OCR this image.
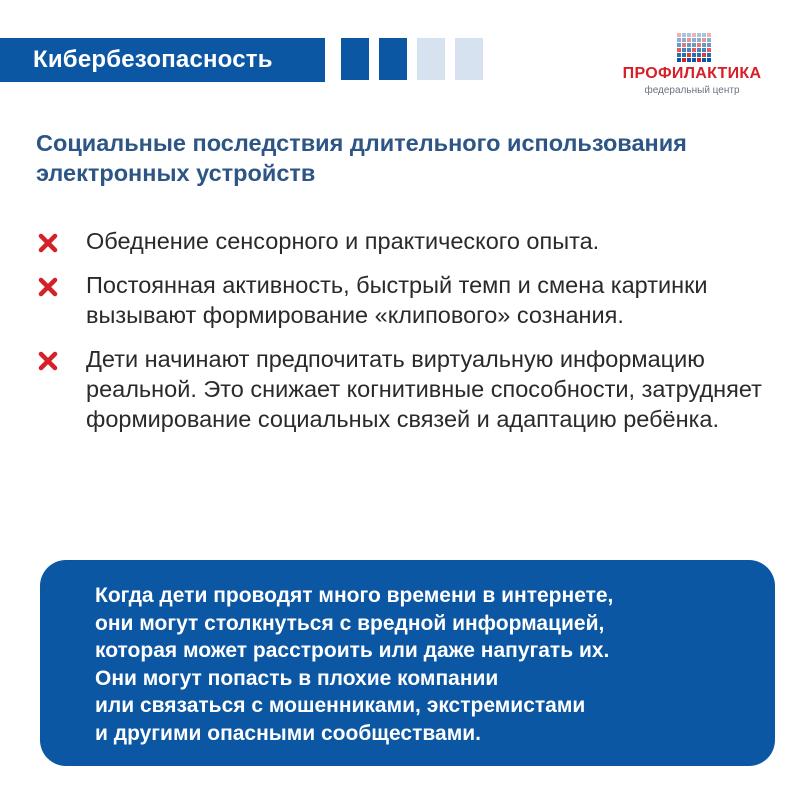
Кибербезопасность
ПРОФИЛАКТИКА
федеральный центр
Социальные последствия длительного использования электронных устройств
Обеднение сенсорного и практического опыта.
Постоянная активность, быстрый темп и смена картинки вызывают формирование «клипового» сознания.
Дети начинают предпочитать виртуальную информацию реальной. Это снижает когнитивные способности, затрудняет формирование социальных связей и адаптацию ребёнка.
Когда дети проводят много времени в интернете,
они могут столкнуться с вредной информацией,
которая может расстроить или даже напугать их.
Они могут попасть в плохие компании
или связаться с мошенниками, экстремистами
и другими опасными сообществами.
